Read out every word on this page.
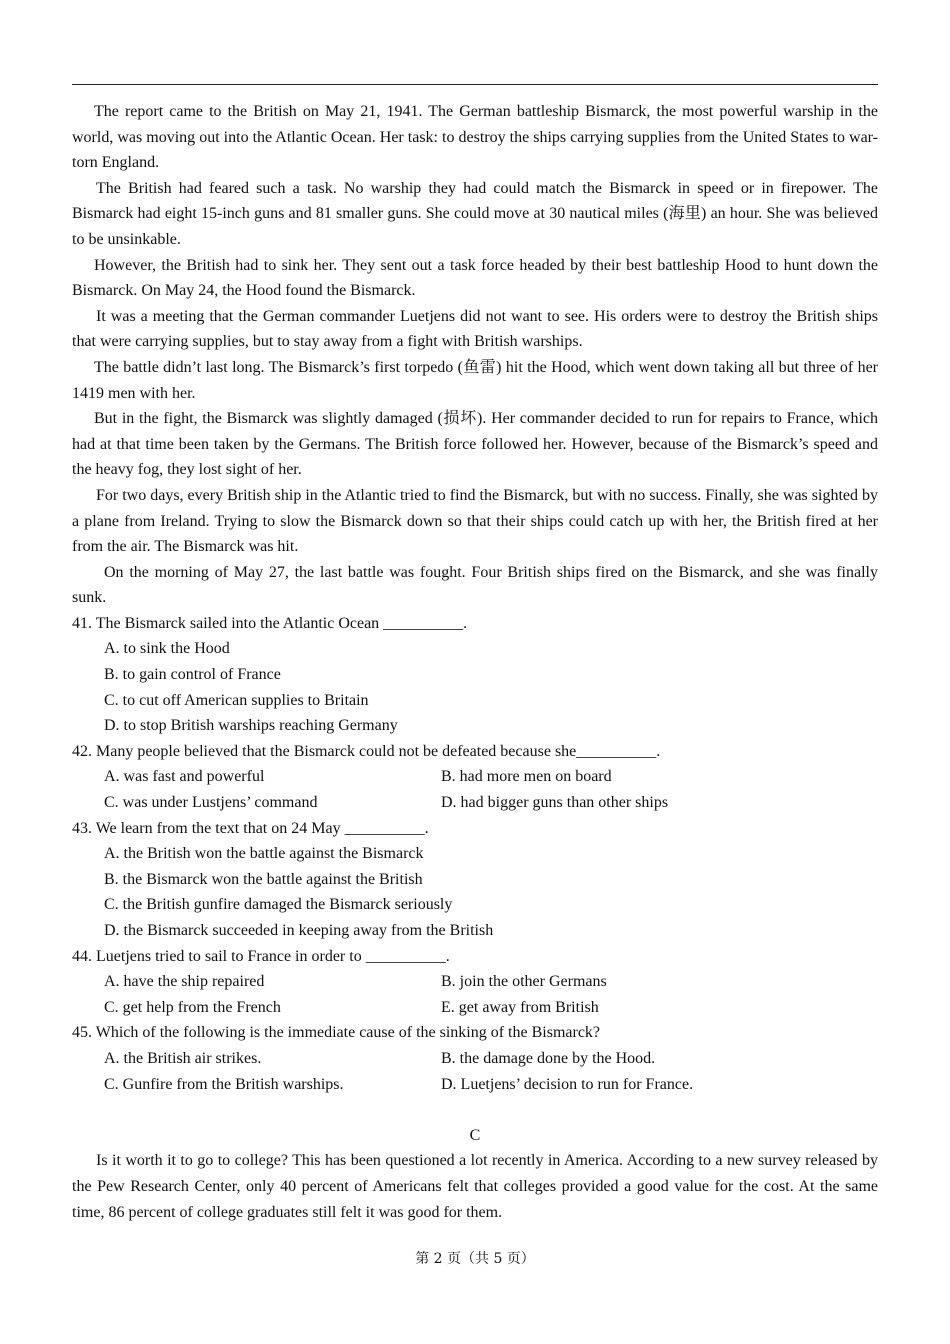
The report came to the British on May 21, 1941. The German battleship Bismarck, the most powerful warship in the world, was moving out into the Atlantic Ocean. Her task: to destroy the ships carrying supplies from the United States to war-torn England.

The British had feared such a task. No warship they had could match the Bismarck in speed or in firepower. The Bismarck had eight 15-inch guns and 81 smaller guns. She could move at 30 nautical miles (海里) an hour. She was believed to be unsinkable.

However, the British had to sink her. They sent out a task force headed by their best battleship Hood to hunt down the Bismarck. On May 24, the Hood found the Bismarck.

It was a meeting that the German commander Luetjens did not want to see. His orders were to destroy the British ships that were carrying supplies, but to stay away from a fight with British warships.

The battle didn’t last long. The Bismarck’s first torpedo (鱼雷) hit the Hood, which went down taking all but three of her 1419 men with her.

But in the fight, the Bismarck was slightly damaged (损坏). Her commander decided to run for repairs to France, which had at that time been taken by the Germans. The British force followed her. However, because of the Bismarck’s speed and the heavy fog, they lost sight of her.

For two days, every British ship in the Atlantic tried to find the Bismarck, but with no success. Finally, she was sighted by a plane from Ireland. Trying to slow the Bismarck down so that their ships could catch up with her, the British fired at her from the air. The Bismarck was hit.

On the morning of May 27, the last battle was fought. Four British ships fired on the Bismarck, and she was finally sunk.

41. The Bismarck sailed into the Atlantic Ocean __________.

A. to sink the Hood

B. to gain control of France

C. to cut off American supplies to Britain

D. to stop British warships reaching Germany

42. Many people believed that the Bismarck could not be defeated because she__________.

A. was fast and powerful	B. had more men on board
C. was under Lustjens’ command	D. had bigger guns than other ships

43. We learn from the text that on 24 May __________.

A. the British won the battle against the Bismarck

B. the Bismarck won the battle against the British

C. the British gunfire damaged the Bismarck seriously

D. the Bismarck succeeded in keeping away from the British

44. Luetjens tried to sail to France in order to __________.

A. have the ship repaired	B. join the other Germans
C. get help from the French	E. get away from British

45. Which of the following is the immediate cause of the sinking of the Bismarck?

A. the British air strikes.	B. the damage done by the Hood.
C. Gunfire from the British warships.	D. Luetjens’ decision to run for France.

C

Is it worth it to go to college? This has been questioned a lot recently in America. According to a new survey released by the Pew Research Center, only 40 percent of Americans felt that colleges provided a good value for the cost. At the same time, 86 percent of college graduates still felt it was good for them.

第 2 页（共 5 页）
